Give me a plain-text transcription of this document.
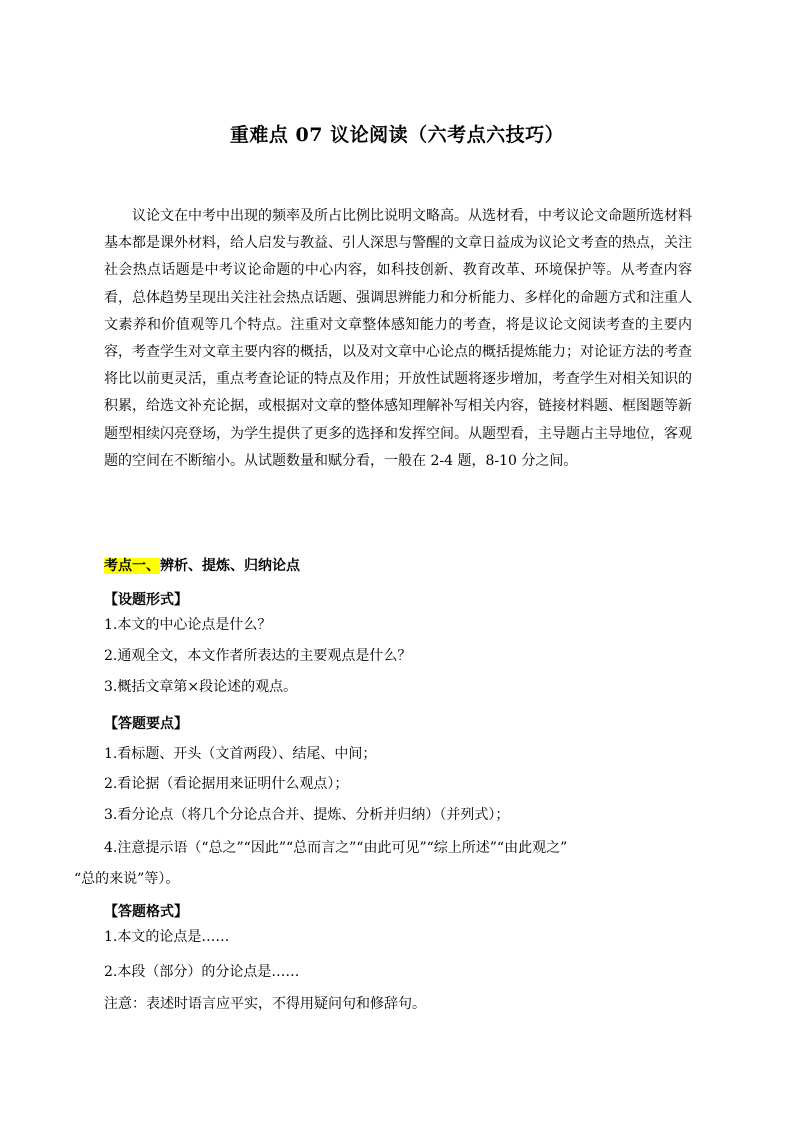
重难点 07 议论阅读（六考点六技巧）

议论文在中考中出现的频率及所占比例比说明文略高。从选材看，中考议论文命题所选材料基本都是课外材料，给人启发与教益、引人深思与警醒的文章日益成为议论文考查的热点，关注社会热点话题是中考议论命题的中心内容，如科技创新、教育改革、环境保护等。从考查内容看，总体趋势呈现出关注社会热点话题、强调思辨能力和分析能力、多样化的命题方式和注重人文素养和价值观等几个特点。注重对文章整体感知能力的考查，将是议论文阅读考查的主要内容，考查学生对文章主要内容的概括，以及对文章中心论点的概括提炼能力；对论证方法的考查将比以前更灵活，重点考查论证的特点及作用；开放性试题将逐步增加，考查学生对相关知识的积累，给选文补充论据，或根据对文章的整体感知理解补写相关内容，链接材料题、框图题等新题型相续闪亮登场，为学生提供了更多的选择和发挥空间。从题型看，主导题占主导地位，客观题的空间在不断缩小。从试题数量和赋分看，一般在 2-4 题，8-10 分之间。

考点一、辨析、提炼、归纳论点
【设题形式】
1.本文的中心论点是什么？
2.通观全文，本文作者所表达的主要观点是什么？
3.概括文章第×段论述的观点。
【答题要点】
1.看标题、开头（文首两段）、结尾、中间；
2.看论据（看论据用来证明什么观点）；
3.看分论点（将几个分论点合并、提炼、分析并归纳）（并列式）；
4.注意提示语（“总之”“因此”“总而言之”“由此可见”“综上所述”“由此观之”
“总的来说”等）。
【答题格式】
1.本文的论点是……
2.本段（部分）的分论点是……
注意：表述时语言应平实，不得用疑问句和修辞句。
